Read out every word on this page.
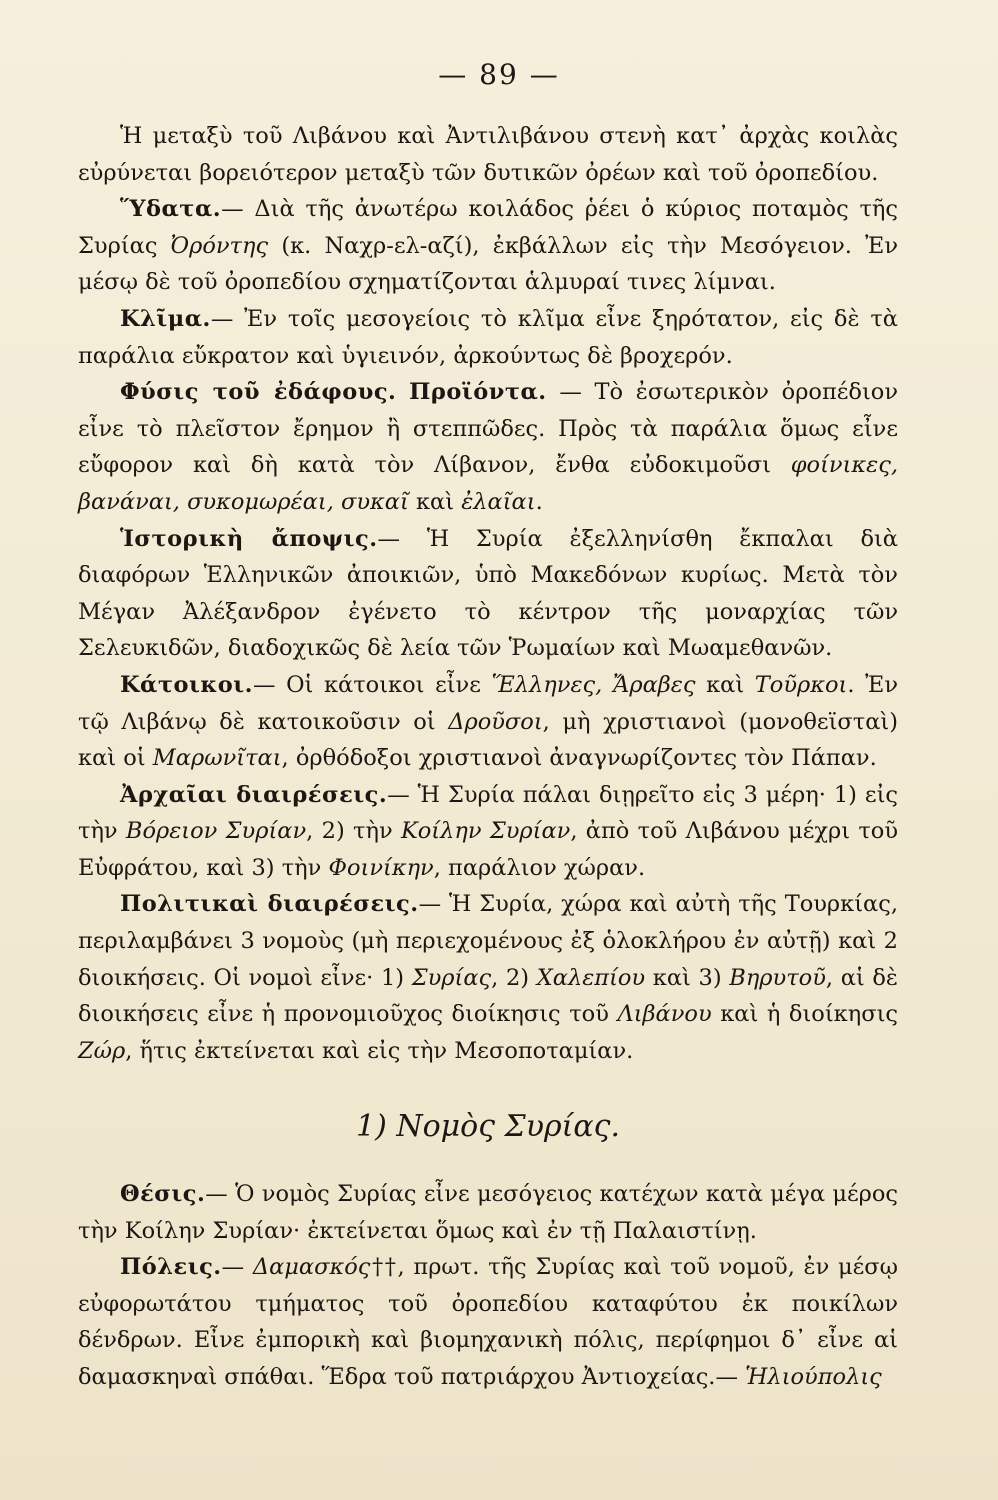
— 89 —

Ἡ μεταξὺ τοῦ Λιβάνου καὶ Ἀντιλιβάνου στενὴ κατ᾽ ἀρχὰς κοιλὰς εὐρύνεται βορειότερον μεταξὺ τῶν δυτικῶν ὀρέων καὶ τοῦ ὀροπεδίου.

Ὕδατα.— Διὰ τῆς ἀνωτέρω κοιλάδος ῥέει ὁ κύριος ποταμὸς τῆς Συρίας Ὀρόντης (κ. Ναχρ-ελ-αζί), ἐκβάλλων εἰς τὴν Μεσόγειον. Ἐν μέσῳ δὲ τοῦ ὀροπεδίου σχηματίζονται ἁλμυραί τινες λίμναι.

Κλῖμα.— Ἐν τοῖς μεσογείοις τὸ κλῖμα εἶνε ξηρότατον, εἰς δὲ τὰ παράλια εὔκρατον καὶ ὑγιεινόν, ἀρκούντως δὲ βροχερόν.

Φύσις τοῦ ἐδάφους. Προϊόντα. — Τὸ ἐσωτερικὸν ὀροπέδιον εἶνε τὸ πλεῖστον ἔρημον ἢ στεππῶδες. Πρὸς τὰ παράλια ὅμως εἶνε εὔφορον καὶ δὴ κατὰ τὸν Λίβανον, ἔνθα εὐδοκιμοῦσι φοίνικες, βανάναι, συκομωρέαι, συκαῖ καὶ ἐλαῖαι.

Ἱστορικὴ ἄποψις.— Ἡ Συρία ἐξελληνίσθη ἔκπαλαι διὰ διαφόρων Ἑλληνικῶν ἀποικιῶν, ὑπὸ Μακεδόνων κυρίως. Μετὰ τὸν Μέγαν Ἀλέξανδρον ἐγένετο τὸ κέντρον τῆς μοναρχίας τῶν Σελευκιδῶν, διαδοχικῶς δὲ λεία τῶν Ῥωμαίων καὶ Μωαμεθανῶν.

Κάτοικοι.— Οἱ κάτοικοι εἶνε Ἕλληνες, Ἄραβες καὶ Τοῦρκοι. Ἐν τῷ Λιβάνῳ δὲ κατοικοῦσιν οἱ Δροῦσοι, μὴ χριστιανοὶ (μονοθεϊσταὶ) καὶ οἱ Μαρωνῖται, ὀρθόδοξοι χριστιανοὶ ἀναγνωρίζοντες τὸν Πάπαν.

Ἀρχαῖαι διαιρέσεις.— Ἡ Συρία πάλαι διῃρεῖτο εἰς 3 μέρη· 1) εἰς τὴν Βόρειον Συρίαν, 2) τὴν Κοίλην Συρίαν, ἀπὸ τοῦ Λιβάνου μέχρι τοῦ Εὐφράτου, καὶ 3) τὴν Φοινίκην, παράλιον χώραν.

Πολιτικαὶ διαιρέσεις.— Ἡ Συρία, χώρα καὶ αὐτὴ τῆς Τουρκίας, περιλαμβάνει 3 νομοὺς (μὴ περιεχομένους ἐξ ὁλοκλήρου ἐν αὐτῇ) καὶ 2 διοικήσεις. Οἱ νομοὶ εἶνε· 1) Συρίας, 2) Χαλεπίου καὶ 3) Βηρυτοῦ, αἱ δὲ διοικήσεις εἶνε ἡ προνομιοῦχος διοίκησις τοῦ Λιβάνου καὶ ἡ διοίκησις Ζώρ, ἥτις ἐκτείνεται καὶ εἰς τὴν Μεσοποταμίαν.

1) Νομὸς Συρίας.

Θέσις.— Ὁ νομὸς Συρίας εἶνε μεσόγειος κατέχων κατὰ μέγα μέρος τὴν Κοίλην Συρίαν· ἐκτείνεται ὅμως καὶ ἐν τῇ Παλαιστίνῃ.

Πόλεις.— Δαμασκός††, πρωτ. τῆς Συρίας καὶ τοῦ νομοῦ, ἐν μέσῳ εὐφορωτάτου τμήματος τοῦ ὀροπεδίου καταφύτου ἐκ ποικίλων δένδρων. Εἶνε ἐμπορικὴ καὶ βιομηχανικὴ πόλις, περίφημοι δ᾽ εἶνε αἱ δαμασκηναὶ σπάθαι. Ἕδρα τοῦ πατριάρχου Ἀντιοχείας.— Ἡλιούπολις
